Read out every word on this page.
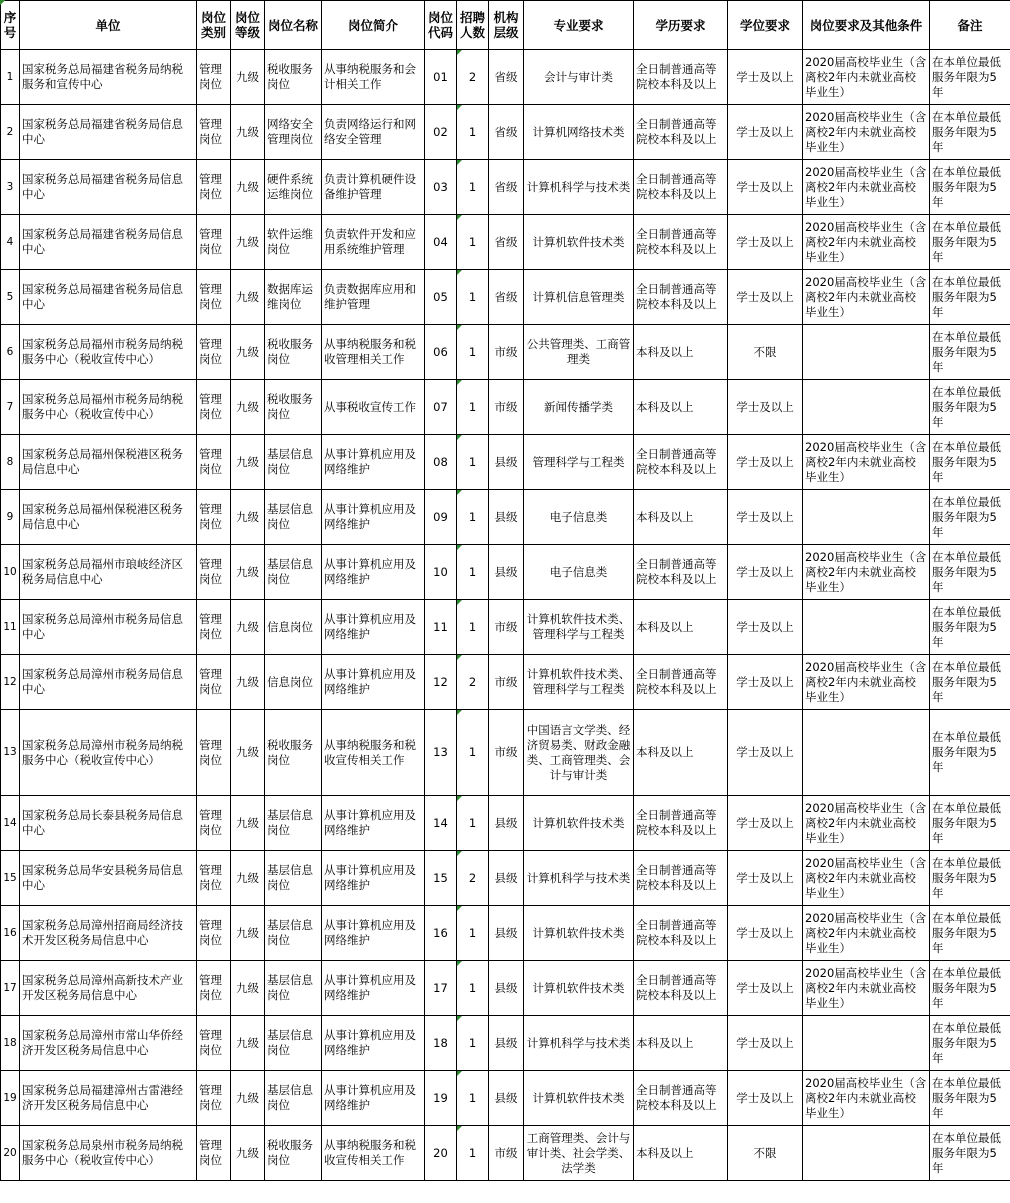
序号	单位	岗位类别	岗位等级	岗位名称	岗位简介	岗位代码	招聘人数	机构层级	专业要求	学历要求	学位要求	岗位要求及其他条件	备注
1	国家税务总局福建省税务局纳税服务和宣传中心	管理岗位	九级	税收服务岗位	从事纳税服务和会计相关工作	01	2	省级	会计与审计类	全日制普通高等院校本科及以上	学士及以上	2020届高校毕业生（含离校2年内未就业高校毕业生）	在本单位最低服务年限为5年
2	国家税务总局福建省税务局信息中心	管理岗位	九级	网络安全管理岗位	负责网络运行和网络安全管理	02	1	省级	计算机网络技术类	全日制普通高等院校本科及以上	学士及以上	2020届高校毕业生（含离校2年内未就业高校毕业生）	在本单位最低服务年限为5年
3	国家税务总局福建省税务局信息中心	管理岗位	九级	硬件系统运维岗位	负责计算机硬件设备维护管理	03	1	省级	计算机科学与技术类	全日制普通高等院校本科及以上	学士及以上	2020届高校毕业生（含离校2年内未就业高校毕业生）	在本单位最低服务年限为5年
4	国家税务总局福建省税务局信息中心	管理岗位	九级	软件运维岗位	负责软件开发和应用系统维护管理	04	1	省级	计算机软件技术类	全日制普通高等院校本科及以上	学士及以上	2020届高校毕业生（含离校2年内未就业高校毕业生）	在本单位最低服务年限为5年
5	国家税务总局福建省税务局信息中心	管理岗位	九级	数据库运维岗位	负责数据库应用和维护管理	05	1	省级	计算机信息管理类	全日制普通高等院校本科及以上	学士及以上	2020届高校毕业生（含离校2年内未就业高校毕业生）	在本单位最低服务年限为5年
6	国家税务总局福州市税务局纳税服务中心（税收宣传中心）	管理岗位	九级	税收服务岗位	从事纳税服务和税收管理相关工作	06	1	市级	公共管理类、工商管理类	本科及以上	不限		在本单位最低服务年限为5年
7	国家税务总局福州市税务局纳税服务中心（税收宣传中心）	管理岗位	九级	税收服务岗位	从事税收宣传工作	07	1	市级	新闻传播学类	本科及以上	学士及以上		在本单位最低服务年限为5年
8	国家税务总局福州保税港区税务局信息中心	管理岗位	九级	基层信息岗位	从事计算机应用及网络维护	08	1	县级	管理科学与工程类	全日制普通高等院校本科及以上	学士及以上	2020届高校毕业生（含离校2年内未就业高校毕业生）	在本单位最低服务年限为5年
9	国家税务总局福州保税港区税务局信息中心	管理岗位	九级	基层信息岗位	从事计算机应用及网络维护	09	1	县级	电子信息类	本科及以上	学士及以上		在本单位最低服务年限为5年
10	国家税务总局福州市琅岐经济区税务局信息中心	管理岗位	九级	基层信息岗位	从事计算机应用及网络维护	10	1	县级	电子信息类	全日制普通高等院校本科及以上	学士及以上	2020届高校毕业生（含离校2年内未就业高校毕业生）	在本单位最低服务年限为5年
11	国家税务总局漳州市税务局信息中心	管理岗位	九级	信息岗位	从事计算机应用及网络维护	11	1	市级	计算机软件技术类、管理科学与工程类	本科及以上	学士及以上		在本单位最低服务年限为5年
12	国家税务总局漳州市税务局信息中心	管理岗位	九级	信息岗位	从事计算机应用及网络维护	12	2	市级	计算机软件技术类、管理科学与工程类	全日制普通高等院校本科及以上	学士及以上	2020届高校毕业生（含离校2年内未就业高校毕业生）	在本单位最低服务年限为5年
13	国家税务总局漳州市税务局纳税服务中心（税收宣传中心）	管理岗位	九级	税收服务岗位	从事纳税服务和税收宣传相关工作	13	1	市级	中国语言文学类、经济贸易类、财政金融类、工商管理类、会计与审计类	本科及以上	学士及以上		在本单位最低服务年限为5年
14	国家税务总局长泰县税务局信息中心	管理岗位	九级	基层信息岗位	从事计算机应用及网络维护	14	1	县级	计算机软件技术类	全日制普通高等院校本科及以上	学士及以上	2020届高校毕业生（含离校2年内未就业高校毕业生）	在本单位最低服务年限为5年
15	国家税务总局华安县税务局信息中心	管理岗位	九级	基层信息岗位	从事计算机应用及网络维护	15	2	县级	计算机科学与技术类	全日制普通高等院校本科及以上	学士及以上	2020届高校毕业生（含离校2年内未就业高校毕业生）	在本单位最低服务年限为5年
16	国家税务总局漳州招商局经济技术开发区税务局信息中心	管理岗位	九级	基层信息岗位	从事计算机应用及网络维护	16	1	县级	计算机软件技术类	全日制普通高等院校本科及以上	学士及以上	2020届高校毕业生（含离校2年内未就业高校毕业生）	在本单位最低服务年限为5年
17	国家税务总局漳州高新技术产业开发区税务局信息中心	管理岗位	九级	基层信息岗位	从事计算机应用及网络维护	17	1	县级	计算机软件技术类	全日制普通高等院校本科及以上	学士及以上	2020届高校毕业生（含离校2年内未就业高校毕业生）	在本单位最低服务年限为5年
18	国家税务总局漳州市常山华侨经济开发区税务局信息中心	管理岗位	九级	基层信息岗位	从事计算机应用及网络维护	18	1	县级	计算机科学与技术类	本科及以上	学士及以上		在本单位最低服务年限为5年
19	国家税务总局福建漳州古雷港经济开发区税务局信息中心	管理岗位	九级	基层信息岗位	从事计算机应用及网络维护	19	1	县级	计算机软件技术类	全日制普通高等院校本科及以上	学士及以上	2020届高校毕业生（含离校2年内未就业高校毕业生）	在本单位最低服务年限为5年
20	国家税务总局泉州市税务局纳税服务中心（税收宣传中心）	管理岗位	九级	税收服务岗位	从事纳税服务和税收宣传相关工作	20	1	市级	工商管理类、会计与审计类、社会学类、法学类	本科及以上	不限		在本单位最低服务年限为5年
